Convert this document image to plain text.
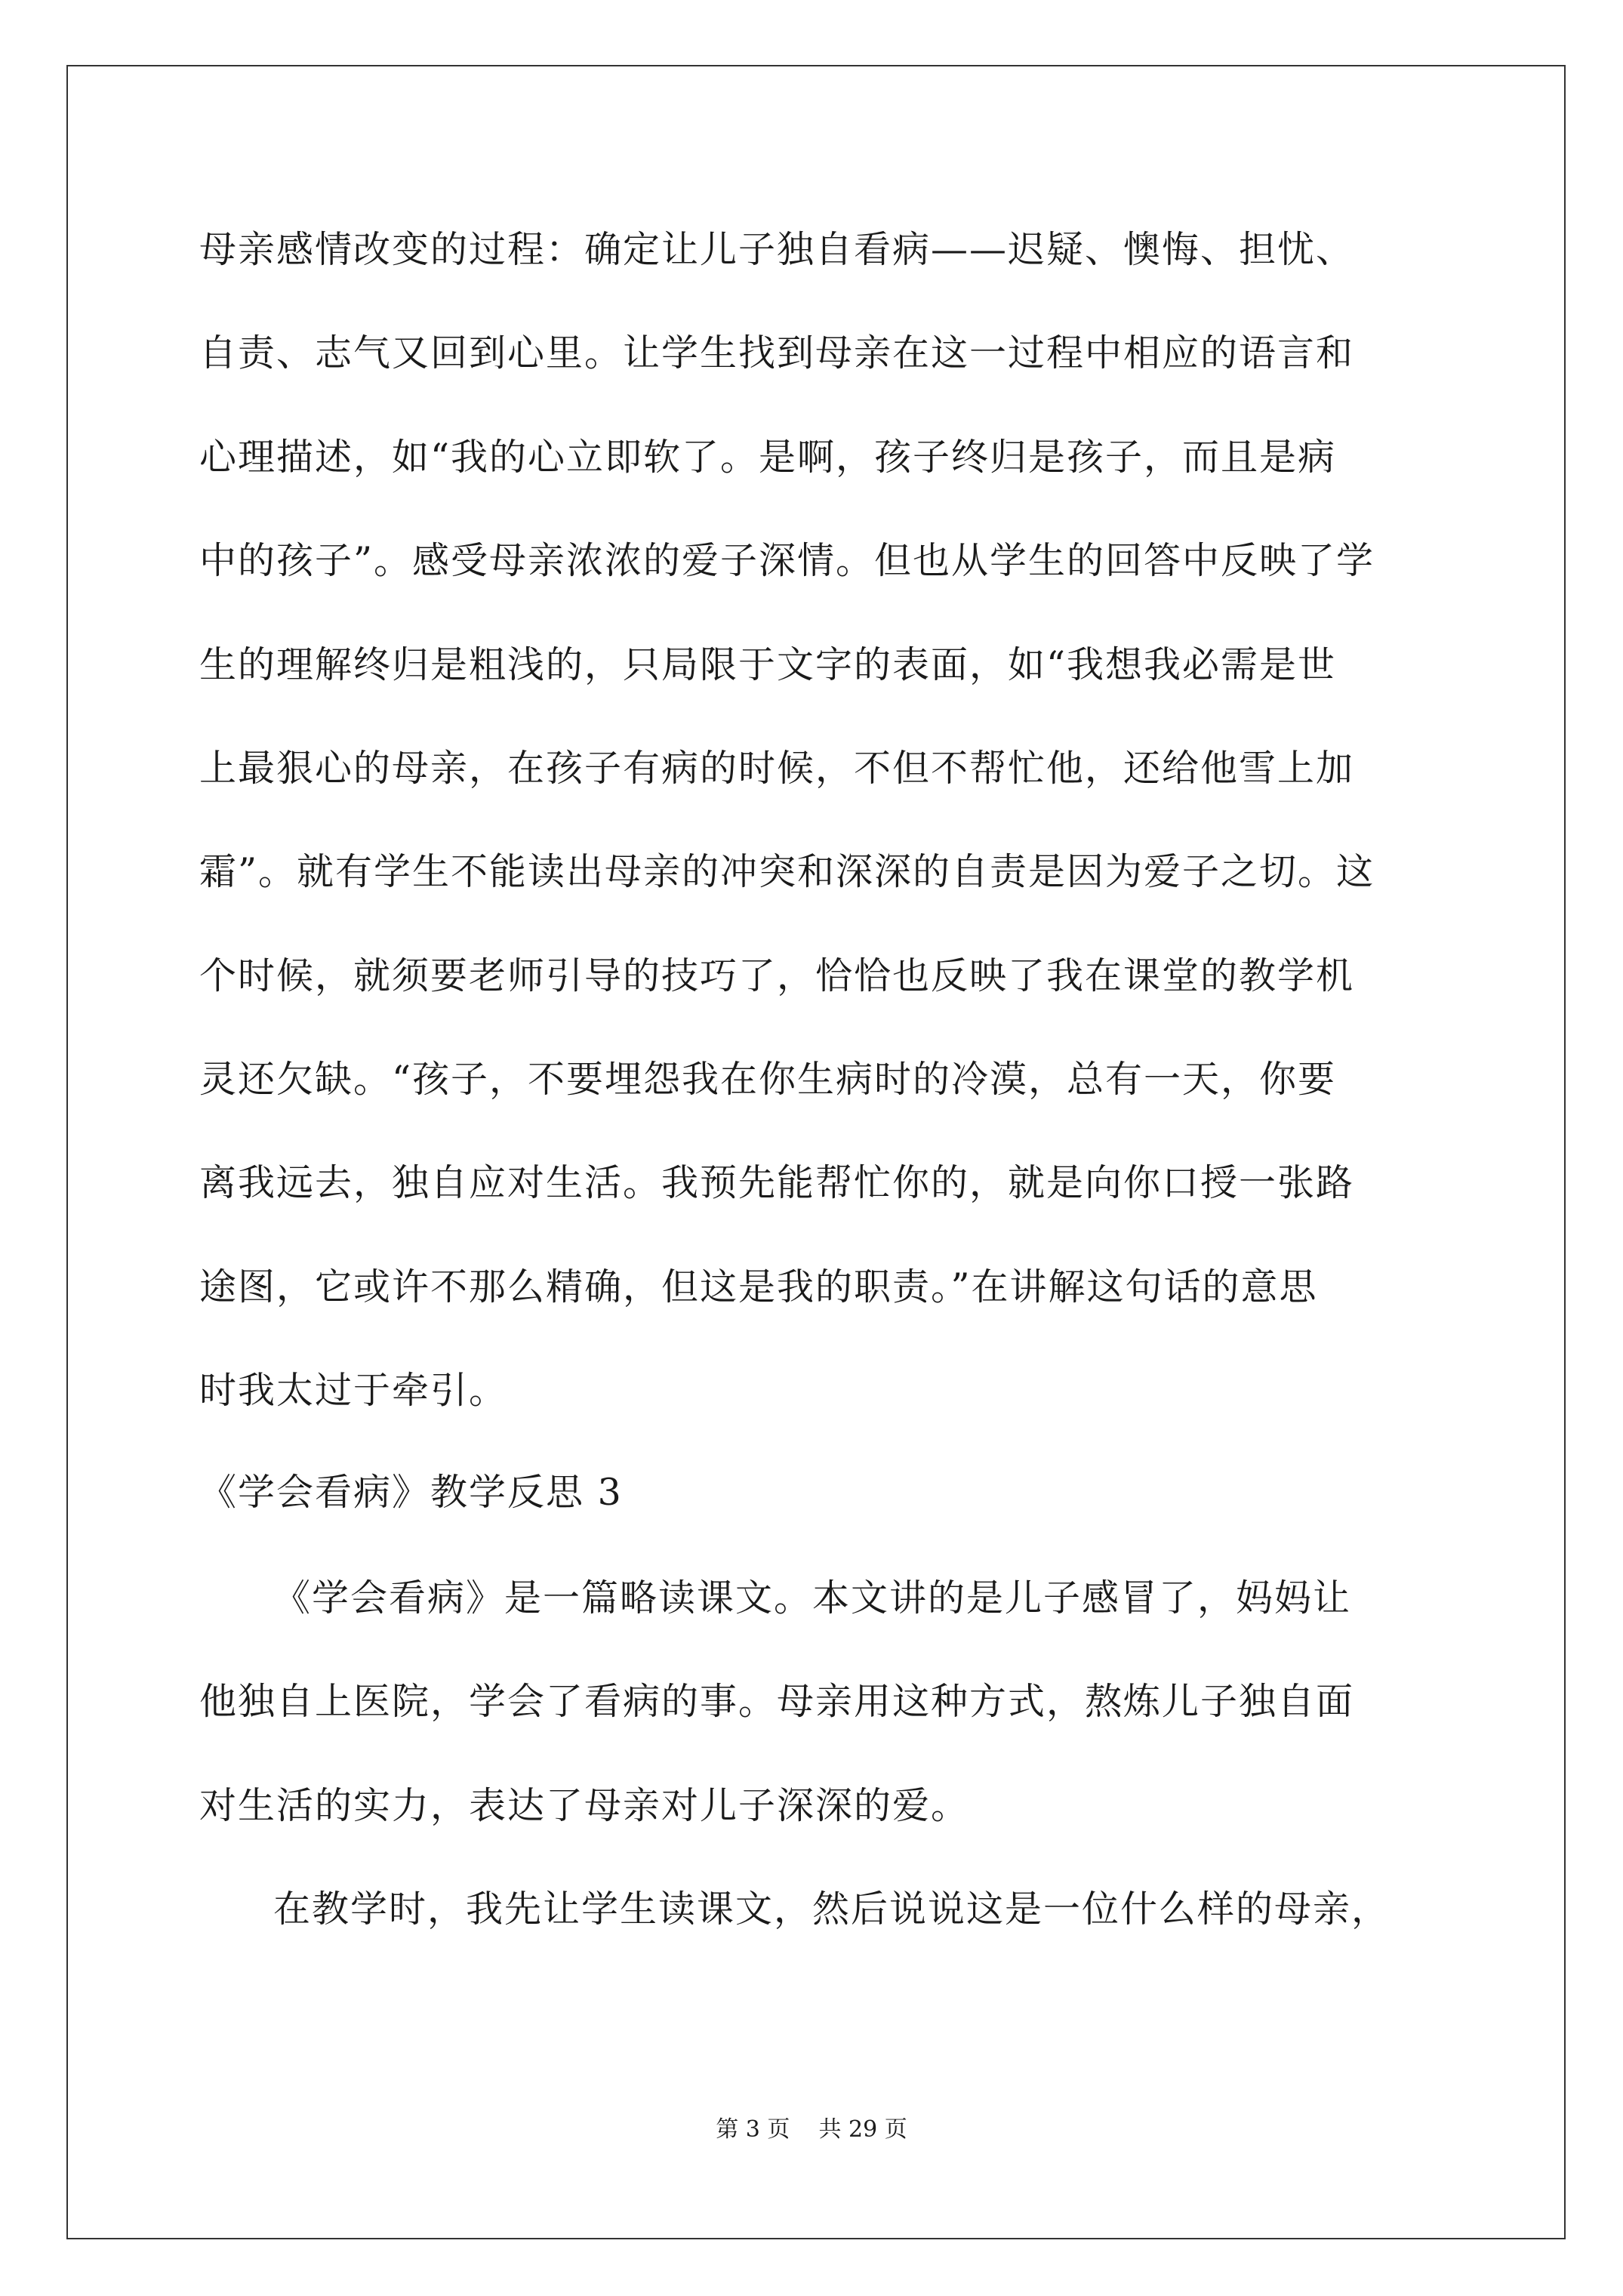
母亲感情改变的过程：确定让儿子独自看病——迟疑、懊悔、担忧、
自责、志气又回到心里。让学生找到母亲在这一过程中相应的语言和
心理描述，如“我的心立即软了。是啊，孩子终归是孩子，而且是病
中的孩子”。感受母亲浓浓的爱子深情。但也从学生的回答中反映了学
生的理解终归是粗浅的，只局限于文字的表面，如“我想我必需是世
上最狠心的母亲，在孩子有病的时候，不但不帮忙他，还给他雪上加
霜”。就有学生不能读出母亲的冲突和深深的自责是因为爱子之切。这
个时候，就须要老师引导的技巧了，恰恰也反映了我在课堂的教学机
灵还欠缺。“孩子，不要埋怨我在你生病时的冷漠，总有一天，你要
离我远去，独自应对生活。我预先能帮忙你的，就是向你口授一张路
途图，它或许不那么精确，但这是我的职责。”在讲解这句话的意思
时我太过于牵引。
《学会看病》教学反思 3
《学会看病》是一篇略读课文。本文讲的是儿子感冒了，妈妈让
他独自上医院，学会了看病的事。母亲用这种方式，熬炼儿子独自面
对生活的实力，表达了母亲对儿子深深的爱。
在教学时，我先让学生读课文，然后说说这是一位什么样的母亲，
第 3 页    共 29 页
